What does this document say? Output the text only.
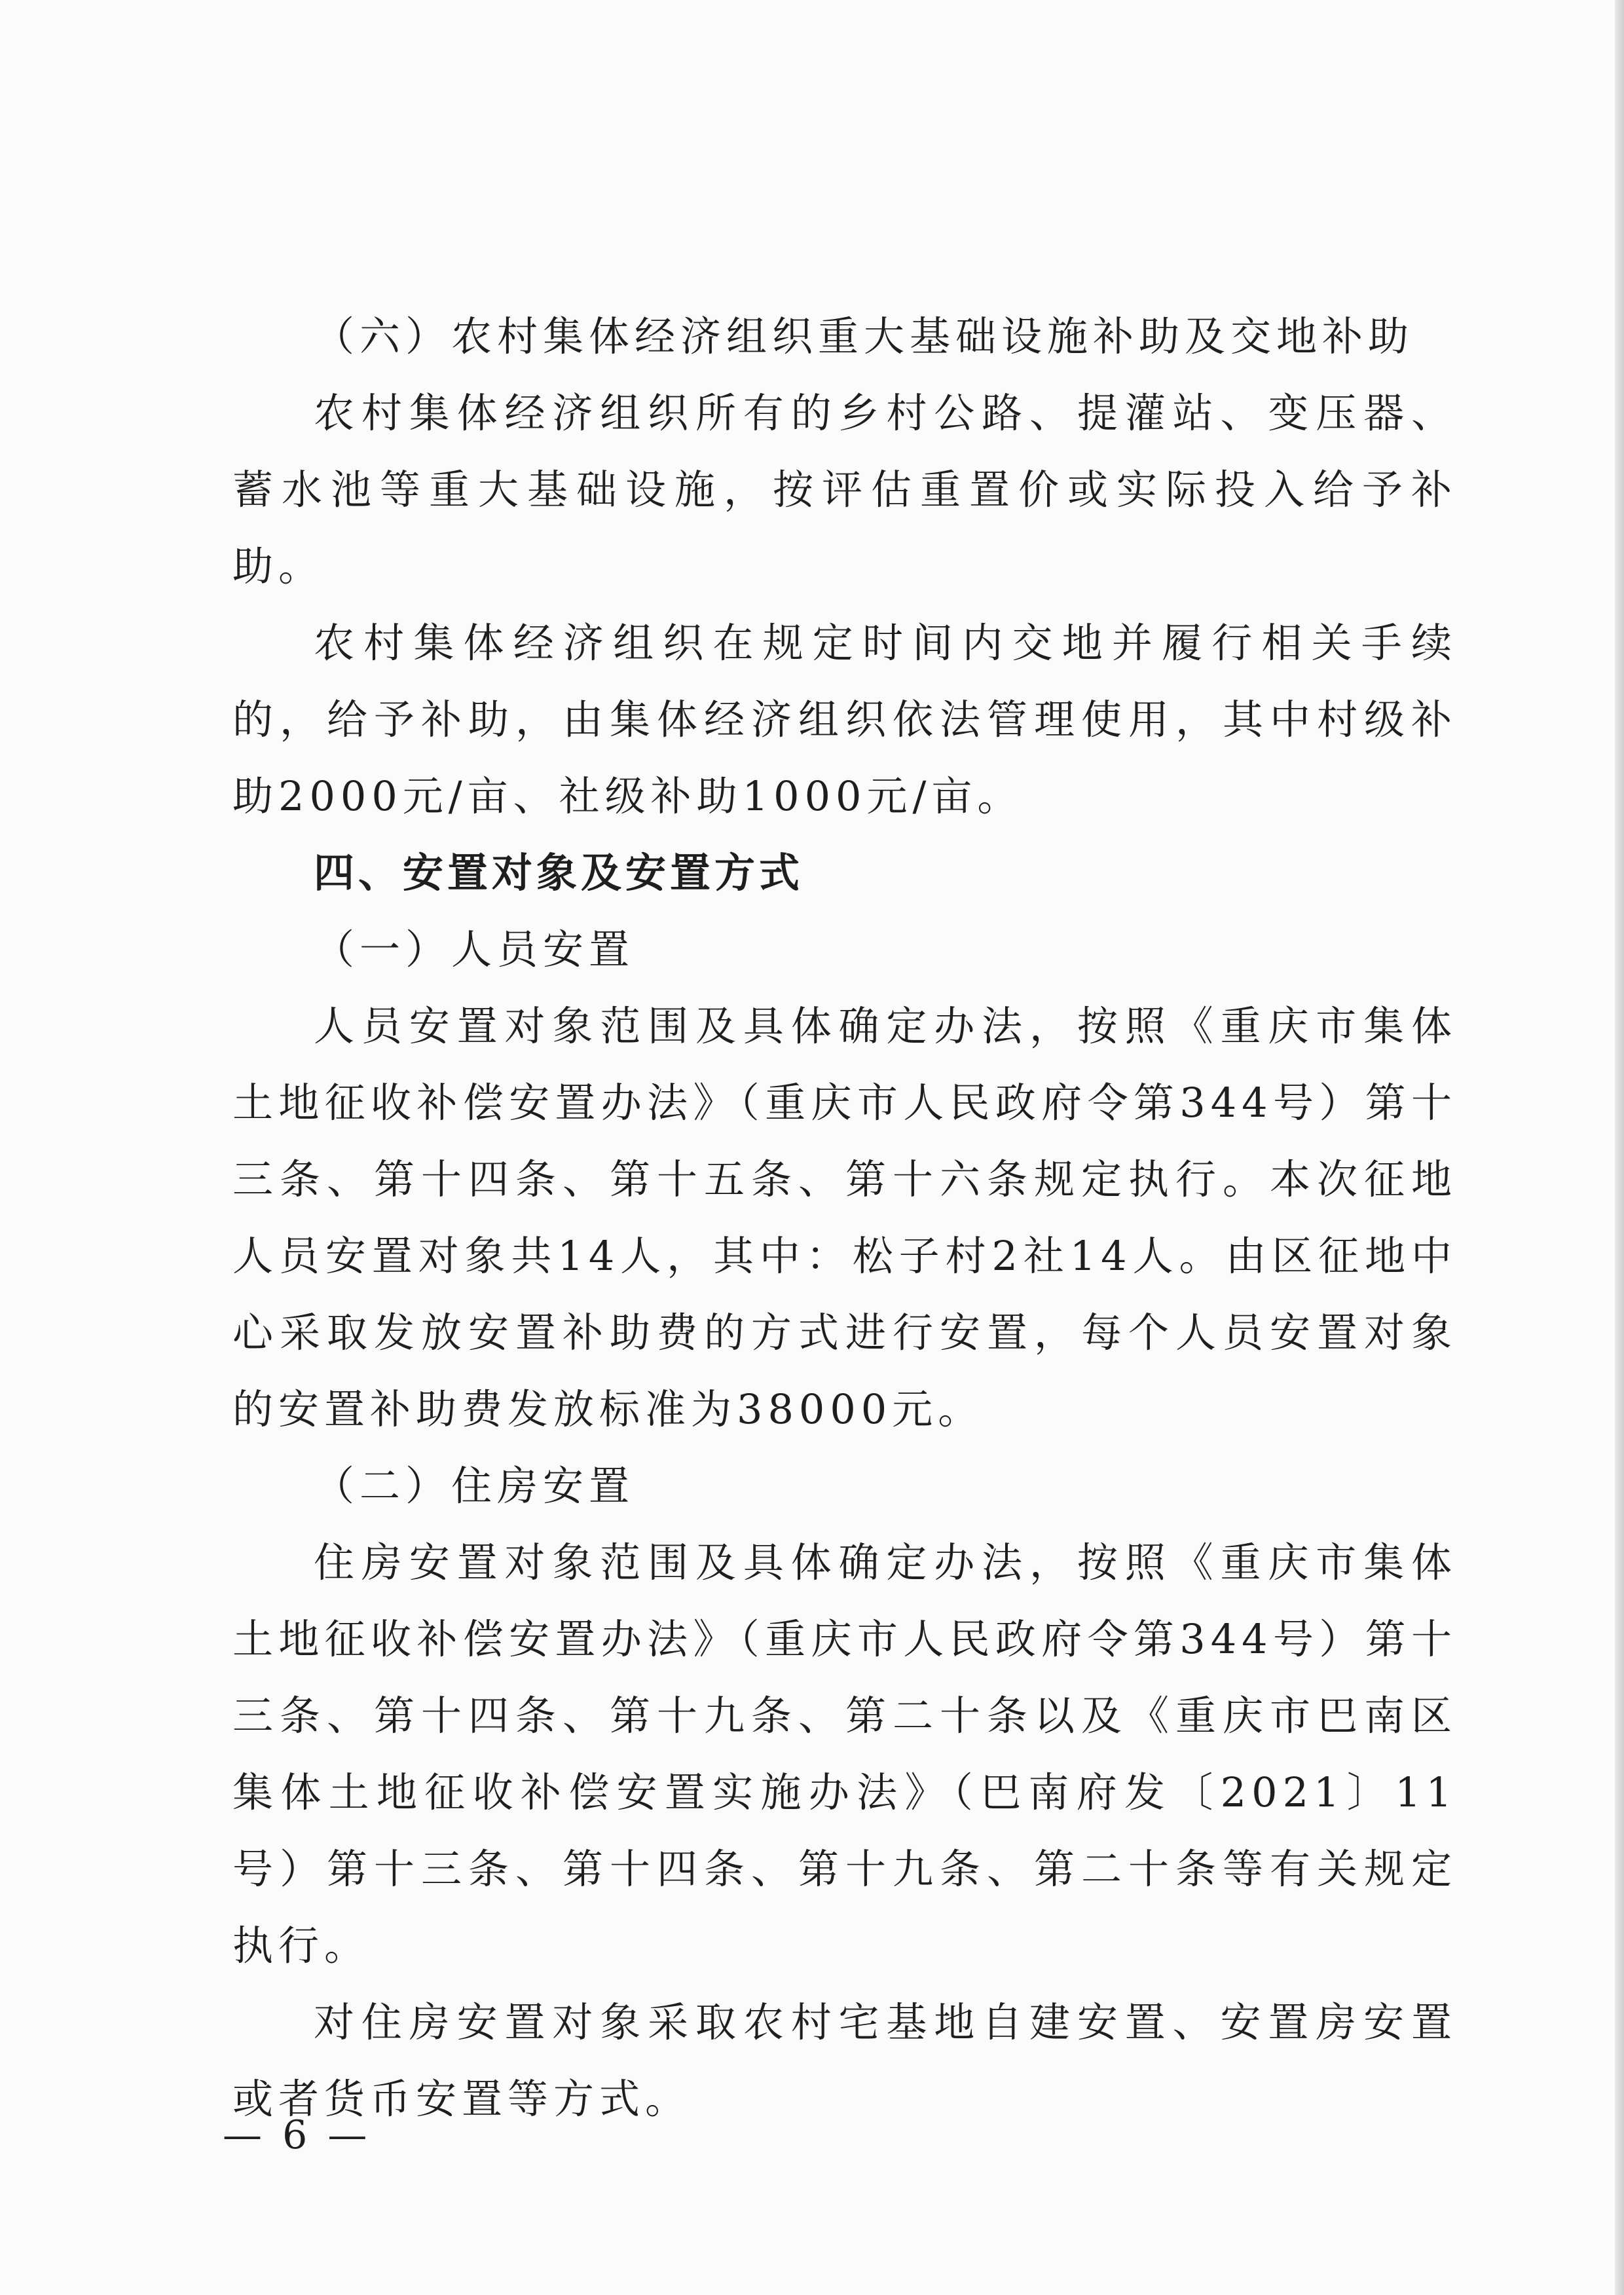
（六）农村集体经济组织重大基础设施补助及交地补助

农村集体经济组织所有的乡村公路、提灌站、变压器、蓄水池等重大基础设施，按评估重置价或实际投入给予补助。

农村集体经济组织在规定时间内交地并履行相关手续的，给予补助，由集体经济组织依法管理使用，其中村级补助2000元/亩、社级补助1000元/亩。

四、安置对象及安置方式

（一）人员安置

人员安置对象范围及具体确定办法，按照《重庆市集体土地征收补偿安置办法》（重庆市人民政府令第344号）第十三条、第十四条、第十五条、第十六条规定执行。本次征地人员安置对象共14人，其中：松子村2社14人。由区征地中心采取发放安置补助费的方式进行安置，每个人员安置对象的安置补助费发放标准为38000元。

（二）住房安置

住房安置对象范围及具体确定办法，按照《重庆市集体土地征收补偿安置办法》（重庆市人民政府令第344号）第十三条、第十四条、第十九条、第二十条以及《重庆市巴南区集体土地征收补偿安置实施办法》（巴南府发〔2021〕11号）第十三条、第十四条、第十九条、第二十条等有关规定执行。

对住房安置对象采取农村宅基地自建安置、安置房安置或者货币安置等方式。

— 6 —
